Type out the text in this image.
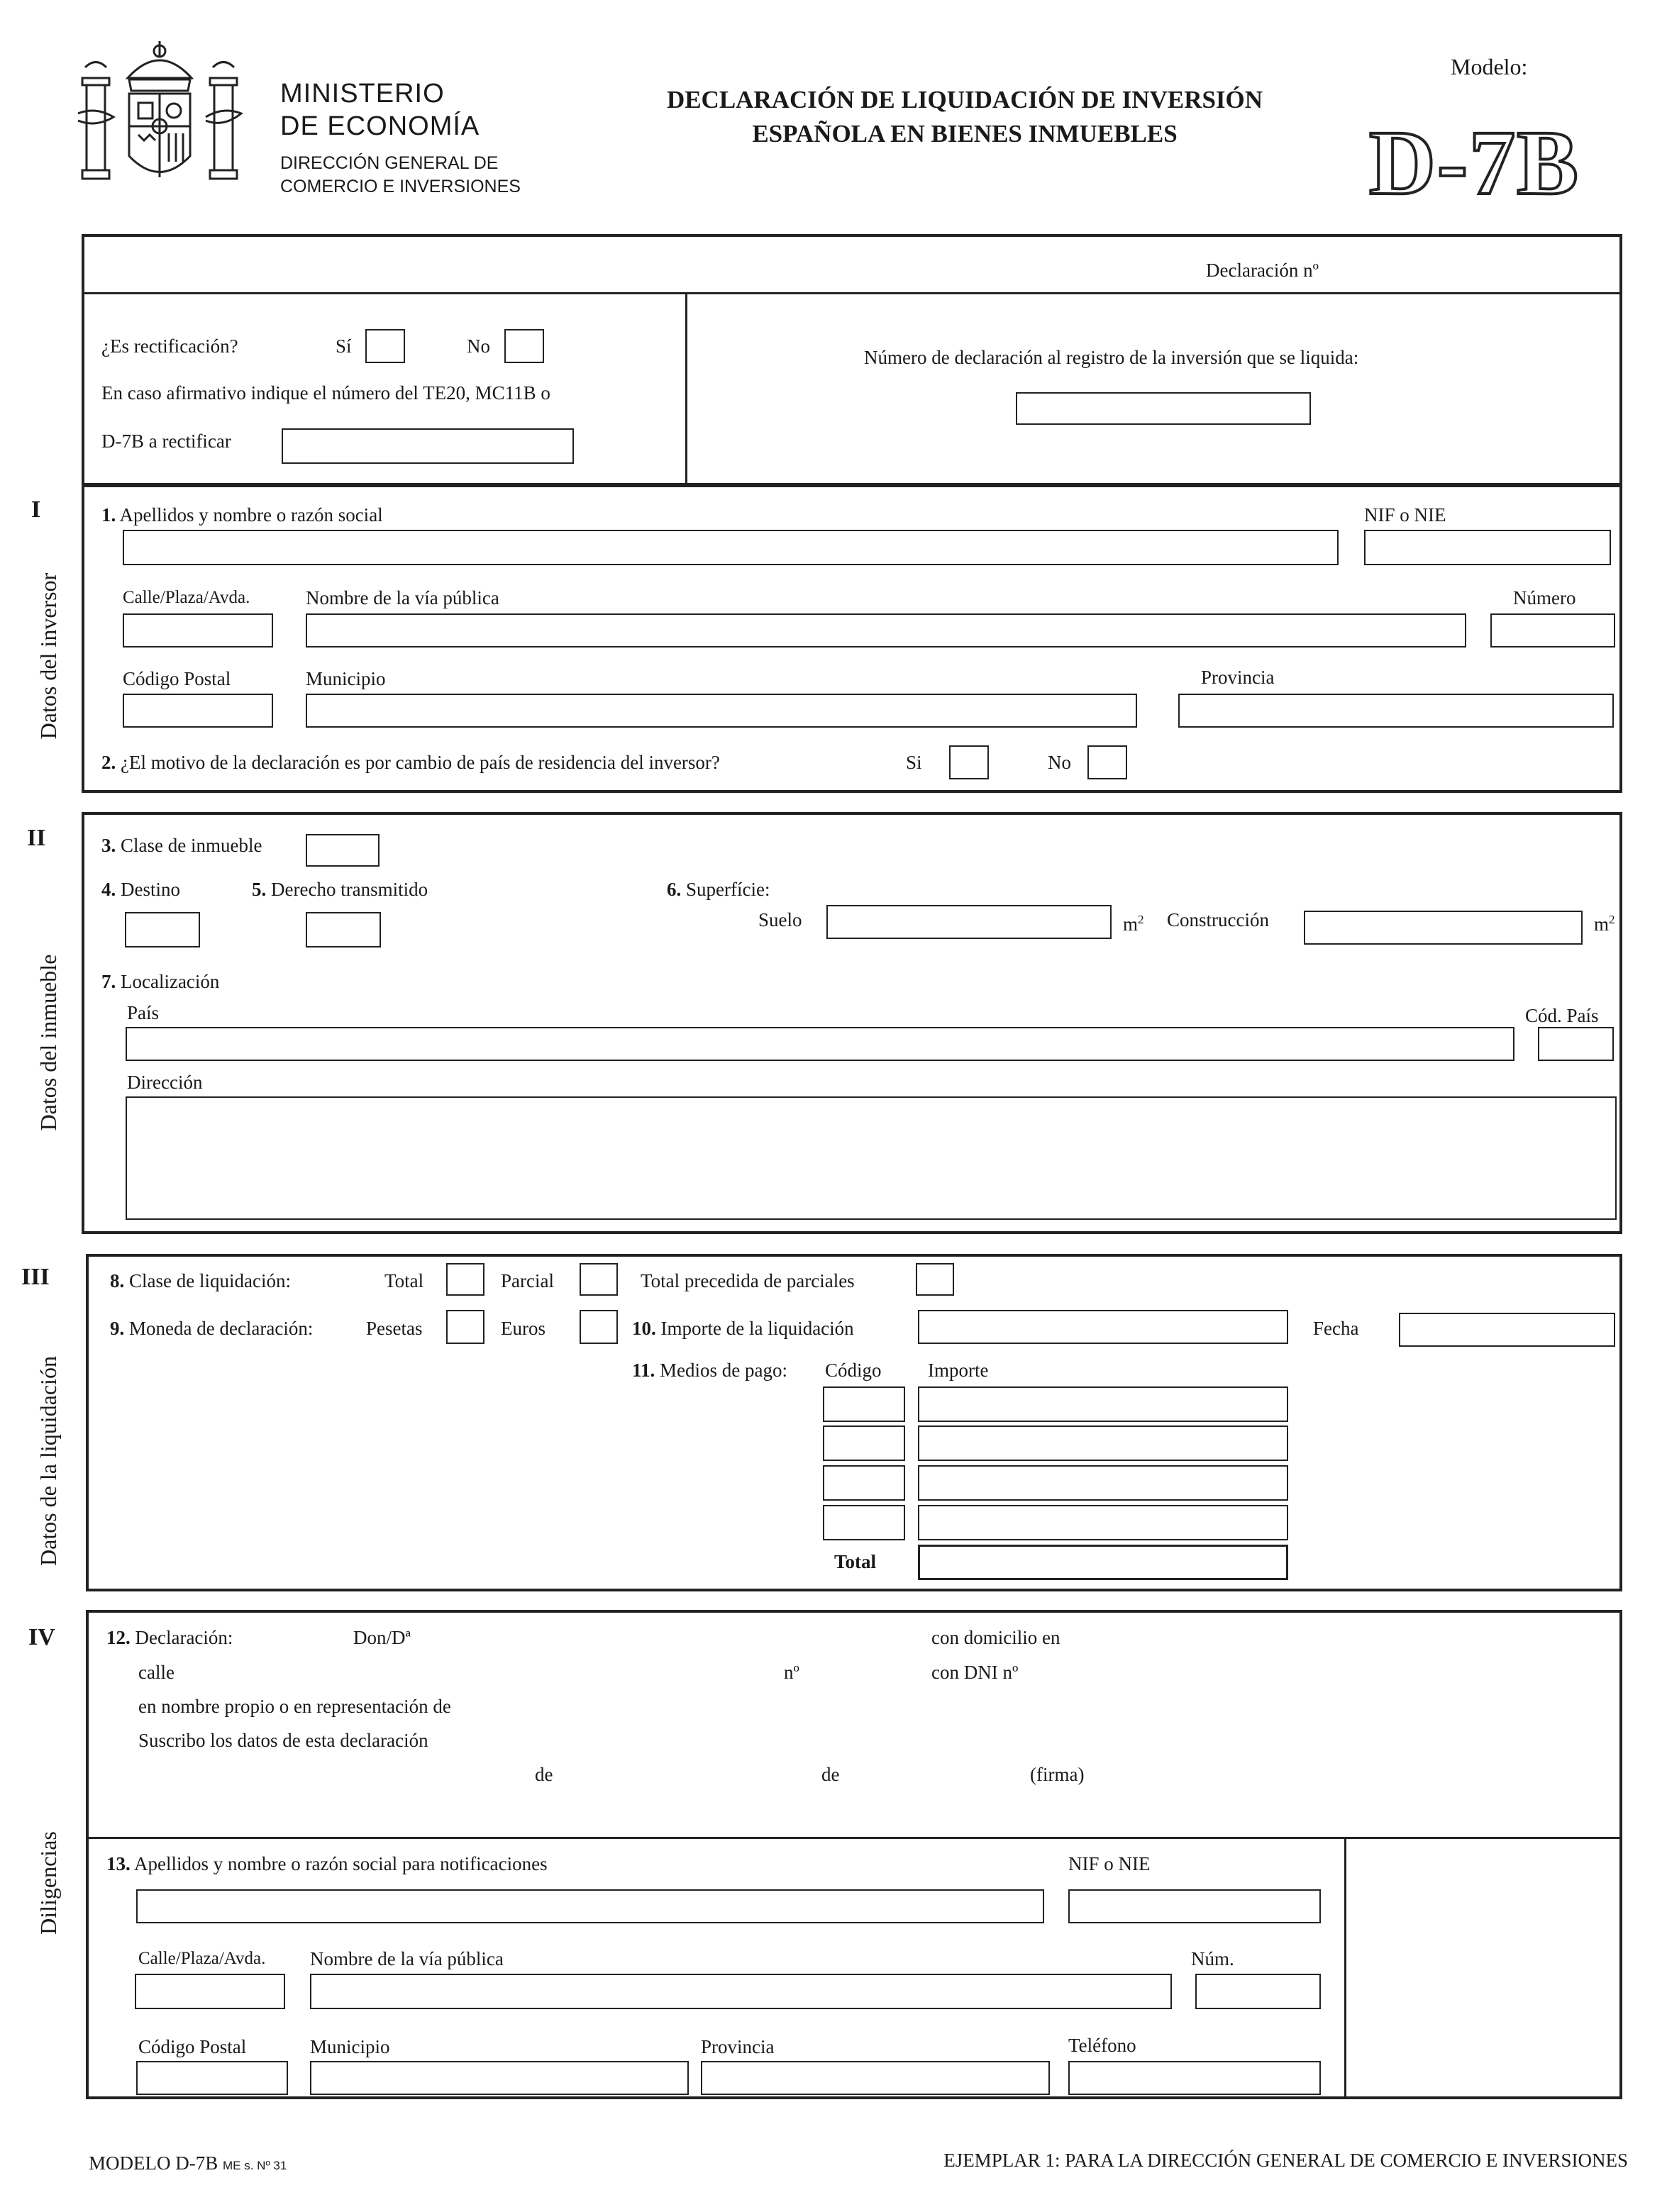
MINISTERIO
DE ECONOMÍA
DIRECCIÓN GENERAL DE
COMERCIO E INVERSIONES
DECLARACIÓN DE LIQUIDACIÓN DE INVERSIÓN
ESPAÑOLA EN BIENES INMUEBLES
Modelo:
D-7B
Declaración nº
¿Es rectificación?	Sí	No
En caso afirmativo indique el número del TE20, MC11B o
D-7B a rectificar
Número de declaración al registro de la inversión que se liquida:
I
Datos del inversor
1. Apellidos y nombre o razón social	NIF o NIE
Calle/Plaza/Avda.	Nombre de la vía pública	Número
Código Postal	Municipio	Provincia
2. ¿El motivo de la declaración es por cambio de país de residencia del inversor?	Si	No
II
Datos del inmueble
3. Clase de inmueble
4. Destino	5. Derecho transmitido	6. Superfície:
Suelo	$m^2$ Construcción	$m^2$
7. Localización
País	Cód. País
Dirección
III
Datos de la liquidación
8. Clase de liquidación:	Total	Parcial	Total precedida de parciales
9. Moneda de declaración:	Pesetas	Euros	10. Importe de la liquidación	Fecha
11. Medios de pago: Código Importe
Total
IV
Diligencias
12. Declaración:	Don/Dª	con domicilio en
calle	nº	con DNI nº
en nombre propio o en representación de
Suscribo los datos de esta declaración
de	de	(firma)
13. Apellidos y nombre o razón social para notificaciones	NIF o NIE
Calle/Plaza/Avda. Nombre de la vía pública	Núm.
Código Postal	Municipio	Provincia	Teléfono
MODELO D-7B ME s. Nº 31	EJEMPLAR 1: PARA LA DIRECCIÓN GENERAL DE COMERCIO E INVERSIONES
